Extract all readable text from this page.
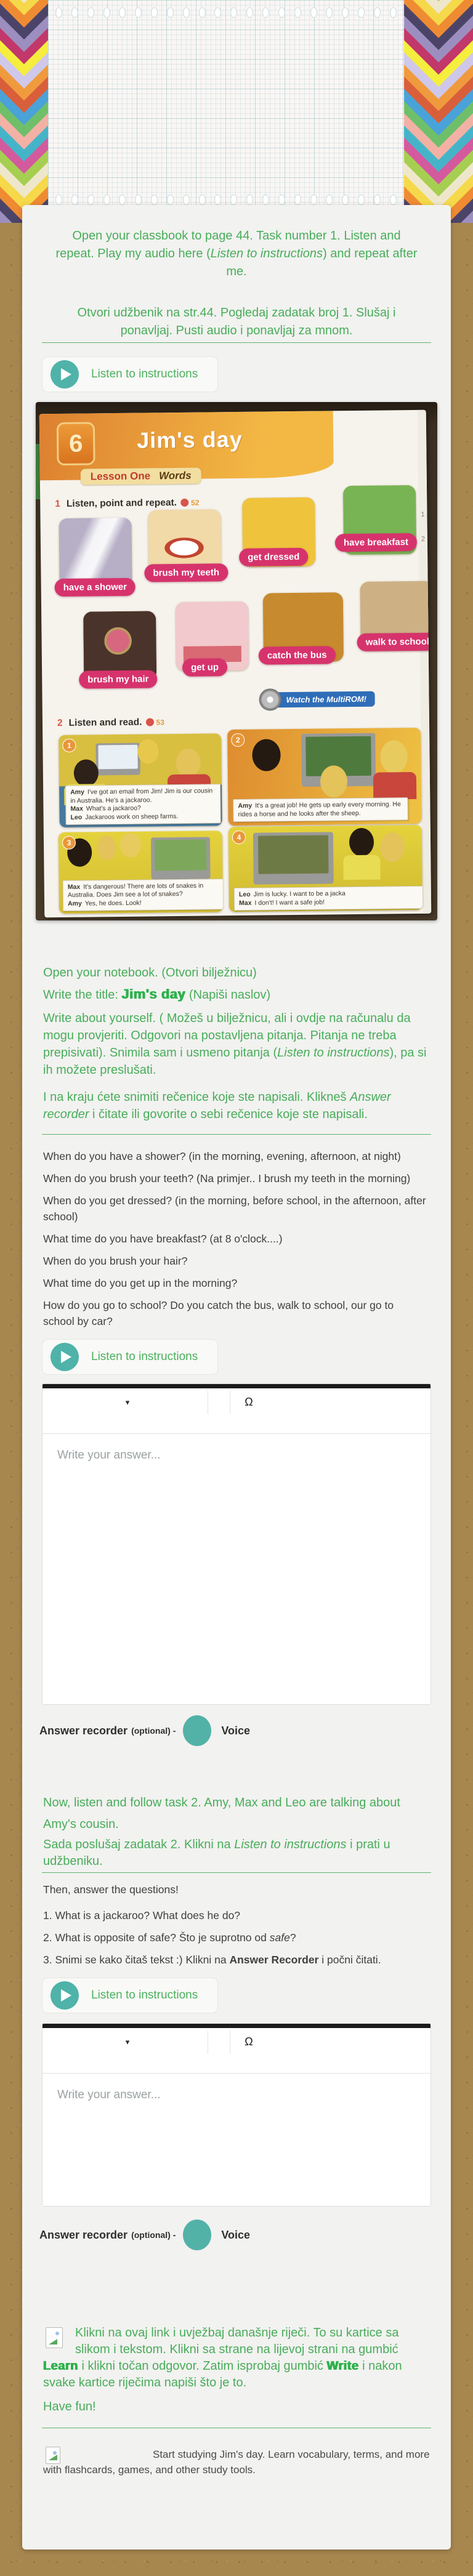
Open your classbook to page 44. Task number 1. Listen and repeat. Play my audio here (Listen to instructions) and repeat after me.

Otvori udžbenik na str.44. Pogledaj zadatak broj 1. Slušaj i ponavljaj. Pusti audio i ponavljaj za mnom.

Listen to instructions
1 2
6	Jim's day
Lesson One Words
1 Listen, point and repeat. 52
have a shower
brush my teeth
get dressed
have breakfast
brush my hair
get up
catch the bus
walk to school
Watch the MultiROM!
2 Listen and read. 53
1
Amy I've got an email from Jim! Jim is our cousin in Australia. He's a jackaroo.
Max What's a jackaroo?
Leo Jackaroos work on sheep farms.
2
Amy It's a great job! He gets up early every morning. He rides a horse and he looks after the sheep.
3
Max It's dangerous! There are lots of snakes in Australia. Does Jim see a lot of snakes?
Amy Yes, he does. Look!
4
Leo Jim is lucky. I want to be a jacka
Max I don't! I want a safe job!

Open your notebook. (Otvori bilježnicu)

Write the title: Jim's day (Napiši naslov)

Write about yourself. ( Možeš u bilježnicu, ali i ovdje na računalu da mogu provjeriti. Odgovori na postavljena pitanja. Pitanja ne treba prepisivati). Snimila sam i usmeno pitanja (Listen to instructions), pa si ih možete preslušati.

I na kraju ćete snimiti rečenice koje ste napisali. Klikneš Answer recorder i čitate ili govorite o sebi rečenice koje ste napisali.

When do you have a shower? (in the morning, evening, afternoon, at night)

When do you brush your teeth? (Na primjer.. I brush my teeth in the morning)

When do you get dressed? (in the morning, before school, in the afternoon, after school)

What time do you have breakfast? (at 8 o'clock....)

When do you brush your hair?

What time do you get up in the morning?

How do you go to school? Do you catch the bus, walk to school, our go to school by car?

Listen to instructions
▾	Ω
Write your answer...
Answer recorder (optional) -	Voice

Now, listen and follow task 2. Amy, Max and Leo are talking about Amy's cousin.

Sada poslušaj zadatak 2. Klikni na Listen to instructions i prati u udžbeniku.

Then, answer the questions!

1. What is a jackaroo? What does he do?

2. What is opposite of safe? Što je suprotno od safe?

3. Snimi se kako čitaš tekst :) Klikni na Answer Recorder i počni čitati.

Listen to instructions
▾	Ω
Write your answer...
Answer recorder (optional) -	Voice
Klikni na ovaj link i uvježbaj današnje riječi. To su kartice sa slikom i tekstom. Klikni sa strane na lijevoj strani na gumbić Learn i klikni točan odgovor. Zatim isprobaj gumbić Write i nakon svake kartice riječima napiši što je to.

Have fun!

Start studying Jim's day. Learn vocabulary, terms, and more with flashcards, games, and other study tools.
